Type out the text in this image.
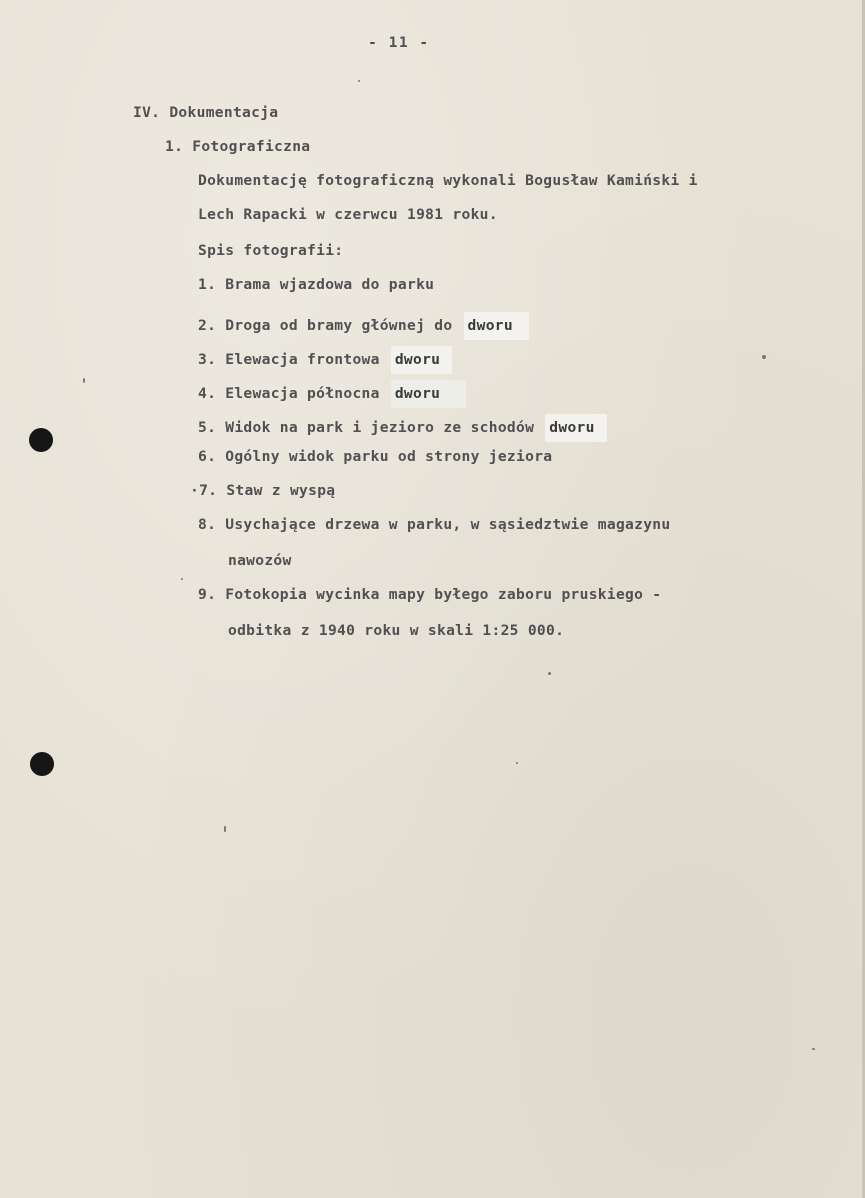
- 11 -
IV. Dokumentacja
1. Fotograficzna
Dokumentację fotograficzną wykonali Bogusław Kamiński i
Lech Rapacki w czerwcu 1981 roku.
Spis fotografii:
1. Brama wjazdowa do parku
2. Droga od bramy głównej do dworu
3. Elewacja frontowa dworu
4. Elewacja północna dworu
5. Widok na park i jezioro ze schodów dworu
6. Ogólny widok parku od strony jeziora
·7. Staw z wyspą
8. Usychające drzewa w parku, w sąsiedztwie magazynu
nawozów
9. Fotokopia wycinka mapy byłego zaboru pruskiego -
odbitka z 1940 roku w skali 1:25 000.
